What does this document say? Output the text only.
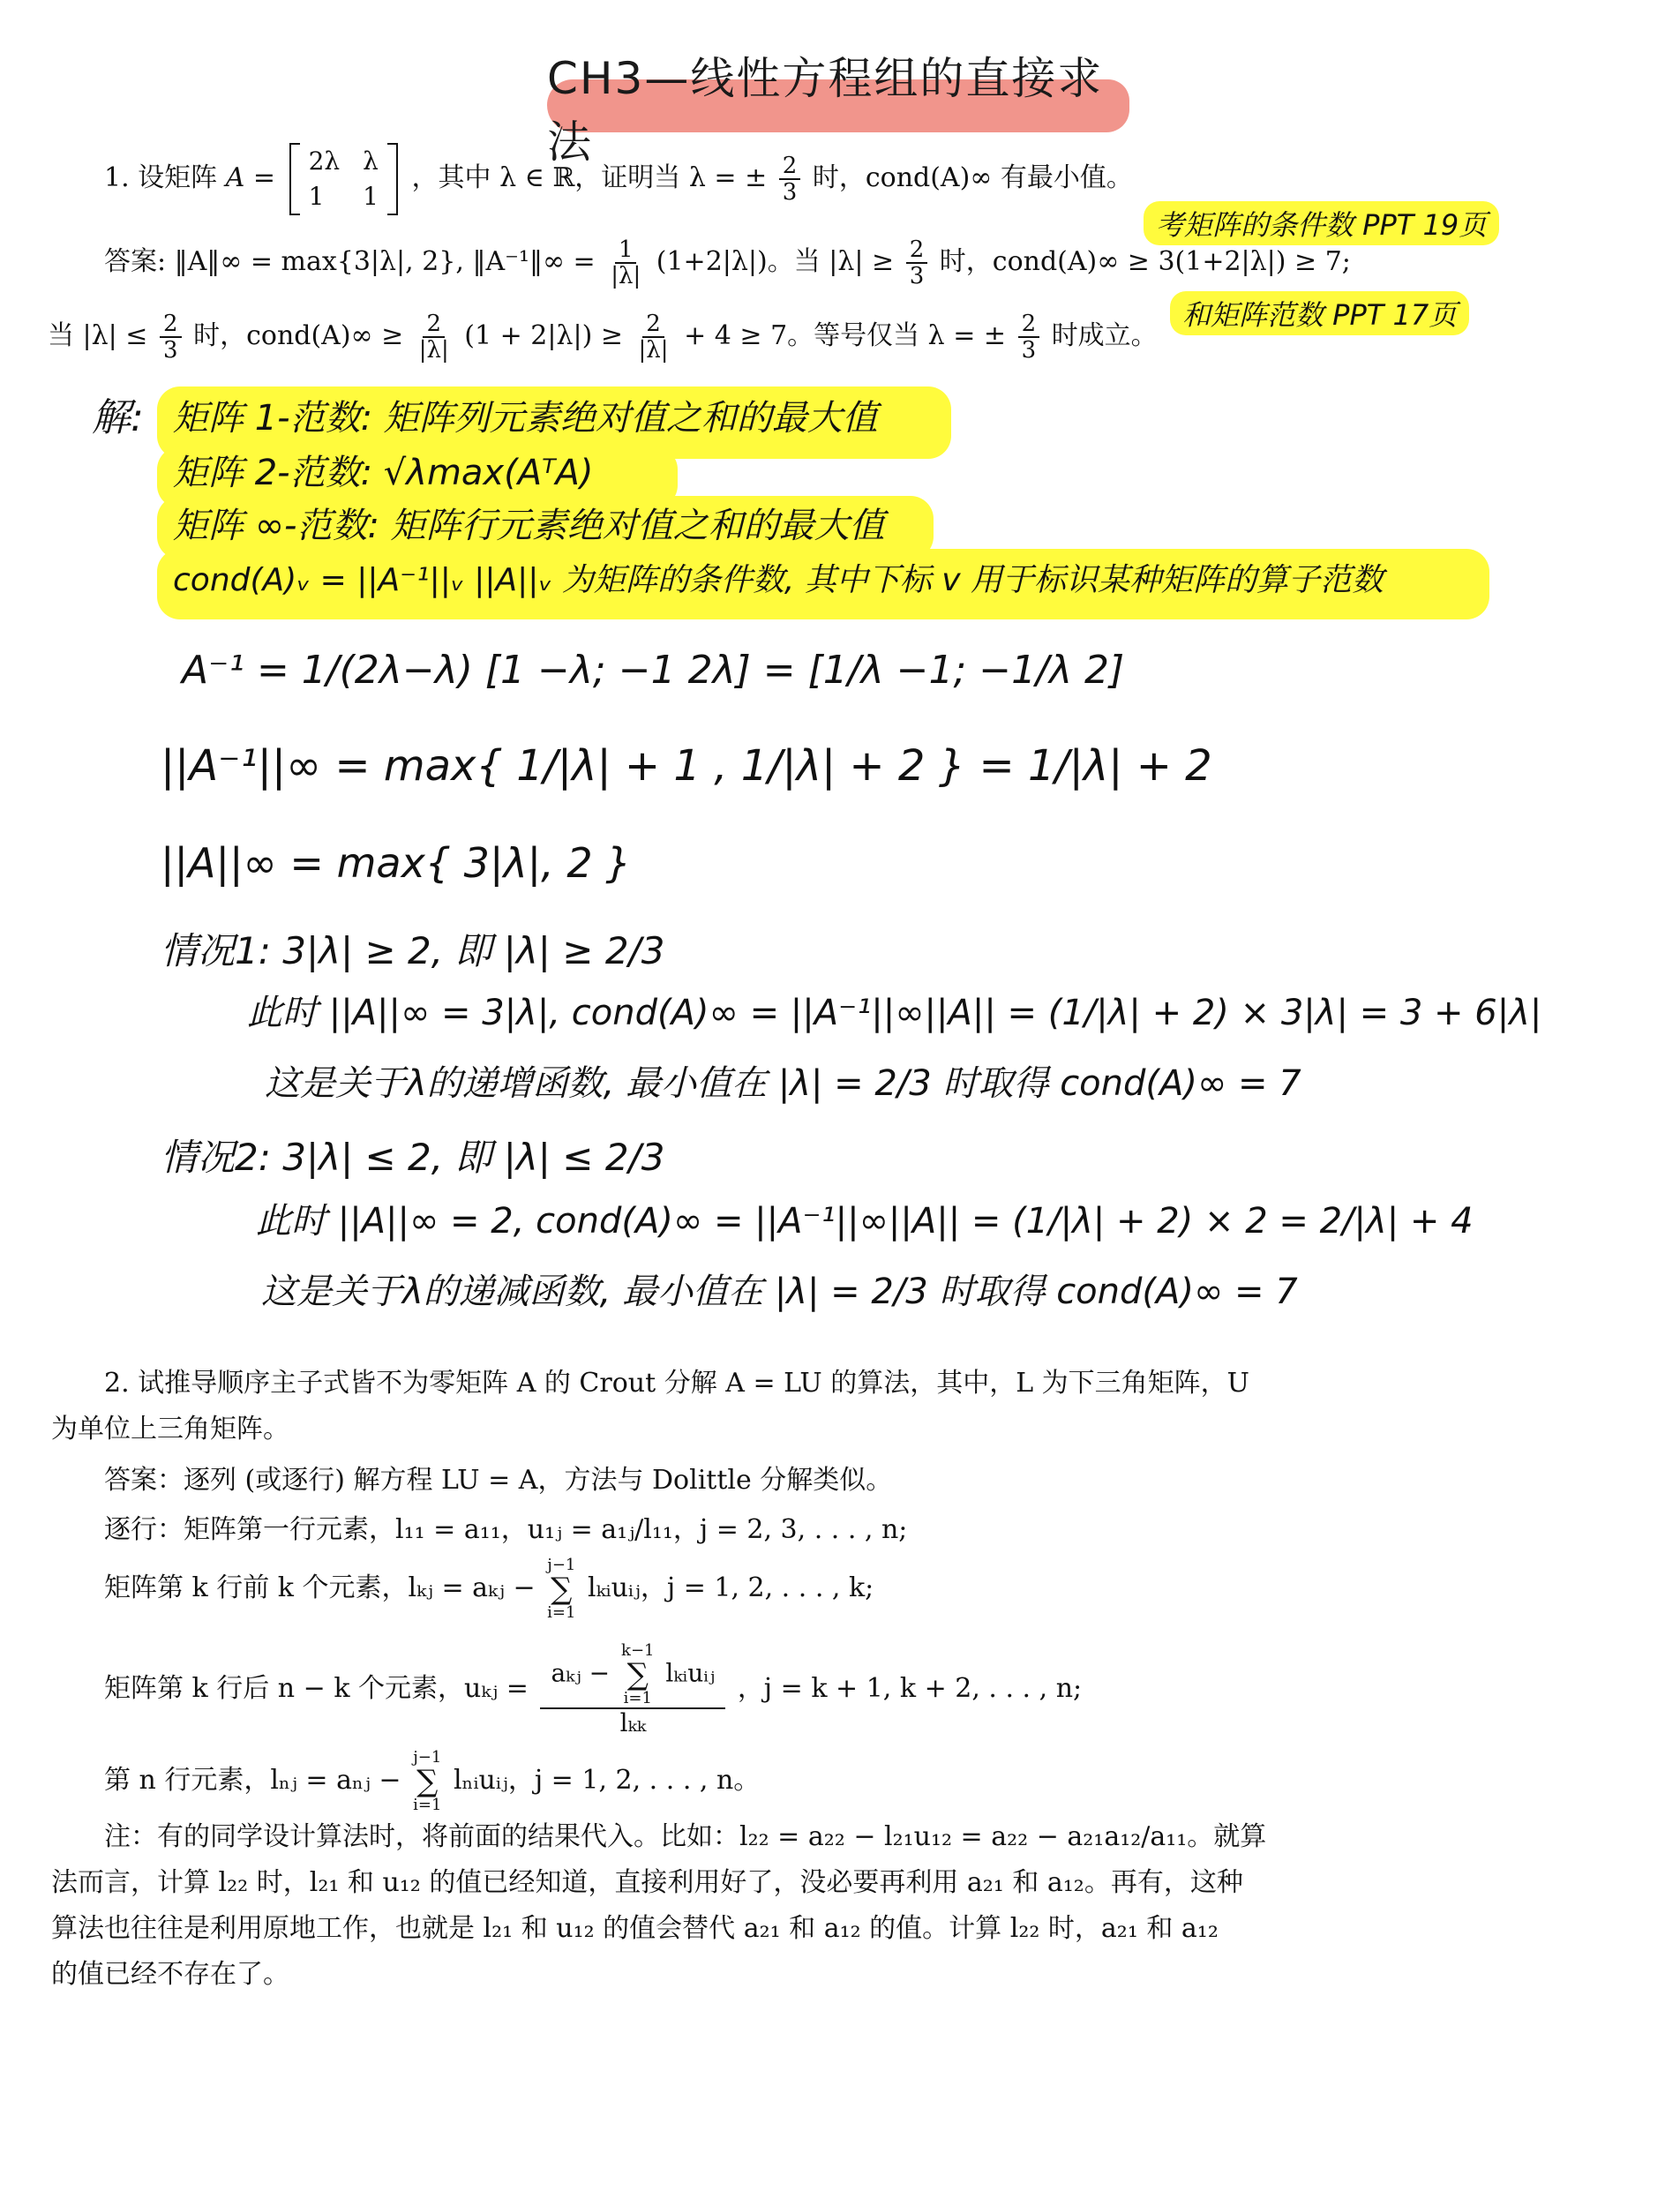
CH3—线性方程组的直接求法
1. 设矩阵 A =
2λ λ
1	1
，其中 λ ∈ ℝ，证明当 λ = ± $\frac{2}{3}$ 时，cond(A)∞ 有最小值。
答案: ‖A‖∞ = max{3|λ|, 2}, ‖A⁻¹‖∞ = $\frac{1}{|\lambda|} (1+2|\lambda|)$。当 $|\lambda| \ge \frac{2}{3}$ 时，cond(A)∞ ≥ 3(1+2|λ|) ≥ 7;
当 $|\lambda| \le \frac{2}{3}$ 时，cond(A)∞ ≥ $\frac{2}{|\lambda|} (1 + 2|\lambda|) \ge \frac{2}{|\lambda|} + 4 \ge 7$。等号仅当 λ = ± $\frac{2}{3}$ 时成立。
考矩阵的条件数 PPT 19页
和矩阵范数 PPT 17页
解: 矩阵 1-范数: 矩阵列元素绝对值之和的最大值
矩阵 2-范数: √λmax(AᵀA)
矩阵 ∞-范数: 矩阵行元素绝对值之和的最大值
cond(A)ᵥ = ||A⁻¹||ᵥ ||A||ᵥ 为矩阵的条件数, 其中下标 v 用于标识某种矩阵的算子范数
A⁻¹ = 1/(2λ−λ) [1 −λ; −1 2λ] = [1/λ −1; −1/λ 2]
||A⁻¹||∞ = max{ 1/|λ| + 1 , 1/|λ| + 2 } = 1/|λ| + 2
||A||∞ = max{ 3|λ|, 2 }
情况1: 3|λ| ≥ 2, 即 |λ| ≥ 2/3
此时 ||A||∞ = 3|λ|, cond(A)∞ = ||A⁻¹||∞||A|| = (1/|λ| + 2) × 3|λ| = 3 + 6|λ|
这是关于λ的递增函数, 最小值在 |λ| = 2/3 时取得 cond(A)∞ = 7
情况2: 3|λ| ≤ 2, 即 |λ| ≤ 2/3
此时 ||A||∞ = 2, cond(A)∞ = ||A⁻¹||∞||A|| = (1/|λ| + 2) × 2 = 2/|λ| + 4
这是关于λ的递减函数, 最小值在 |λ| = 2/3 时取得 cond(A)∞ = 7
2. 试推导顺序主子式皆不为零矩阵 A 的 Crout 分解 A = LU 的算法，其中，L 为下三角矩阵，U
为单位上三角矩阵。
答案：逐列 (或逐行) 解方程 LU = A，方法与 Dolittle 分解类似。
逐行：矩阵第一行元素，l₁₁ = a₁₁，u₁ⱼ = a₁ⱼ/l₁₁，j = 2, 3, . . . , n;
矩阵第 k 行前 k 个元素，lₖⱼ = aₖⱼ −
j−1
∑
i=1
lₖᵢuᵢⱼ，j = 1, 2, . . . , k;
矩阵第 k 行后 n − k 个元素，uₖⱼ = aₖⱼ −
k−1
∑
i=1
lₖᵢuᵢⱼ
lₖₖ
，j = k + 1, k + 2, . . . , n;
第 n 行元素，lₙⱼ = aₙⱼ −
j−1
∑
i=1
lₙᵢuᵢⱼ，j = 1, 2, . . . , n。
注：有的同学设计算法时，将前面的结果代入。比如：l₂₂ = a₂₂ − l₂₁u₁₂ = a₂₂ − a₂₁a₁₂/a₁₁。就算
法而言，计算 l₂₂ 时，l₂₁ 和 u₁₂ 的值已经知道，直接利用好了，没必要再利用 a₂₁ 和 a₁₂。再有，这种
算法也往往是利用原地工作，也就是 l₂₁ 和 u₁₂ 的值会替代 a₂₁ 和 a₁₂ 的值。计算 l₂₂ 时，a₂₁ 和 a₁₂
的值已经不存在了。
